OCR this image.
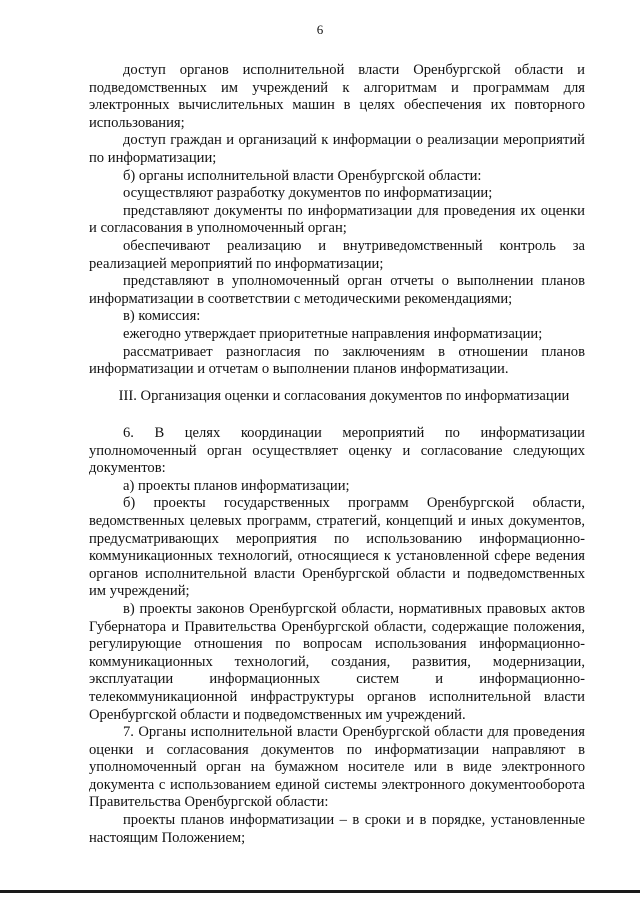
6

доступ органов исполнительной власти Оренбургской области и подведомственных им учреждений к алгоритмам и программам для электронных вычислительных машин в целях обеспечения их повторного использования;

доступ граждан и организаций к информации о реализации мероприятий по информатизации;

б) органы исполнительной власти Оренбургской области:

осуществляют разработку документов по информатизации;

представляют документы по информатизации для проведения их оценки и согласования в уполномоченный орган;

обеспечивают реализацию и внутриведомственный контроль за реализацией мероприятий по информатизации;

представляют в уполномоченный орган отчеты о выполнении планов информатизации в соответствии с методическими рекомендациями;

в) комиссия:

ежегодно утверждает приоритетные направления информатизации;

рассматривает разногласия по заключениям в отношении планов информатизации и отчетам о выполнении планов информатизации.

III. Организация оценки и согласования документов по информатизации

6. В целях координации мероприятий по информатизации уполномоченный орган осуществляет оценку и согласование следующих документов:

а) проекты планов информатизации;

б) проекты государственных программ Оренбургской области, ведомственных целевых программ, стратегий, концепций и иных документов, предусматривающих мероприятия по использованию информационно-коммуникационных технологий, относящиеся к установленной сфере ведения органов исполнительной власти Оренбургской области и подведомственных им учреждений;

в) проекты законов Оренбургской области, нормативных правовых актов Губернатора и Правительства Оренбургской области, содержащие положения, регулирующие отношения по вопросам использования информационно-коммуникационных технологий, создания, развития, модернизации, эксплуатации информационных систем и информационно-телекоммуникационной инфраструктуры органов исполнительной власти Оренбургской области и подведомственных им учреждений.

7. Органы исполнительной власти Оренбургской области для проведения оценки и согласования документов по информатизации направляют в уполномоченный орган на бумажном носителе или в виде электронного документа с использованием единой системы электронного документооборота Правительства Оренбургской области:

проекты планов информатизации – в сроки и в порядке, установленные настоящим Положением;
